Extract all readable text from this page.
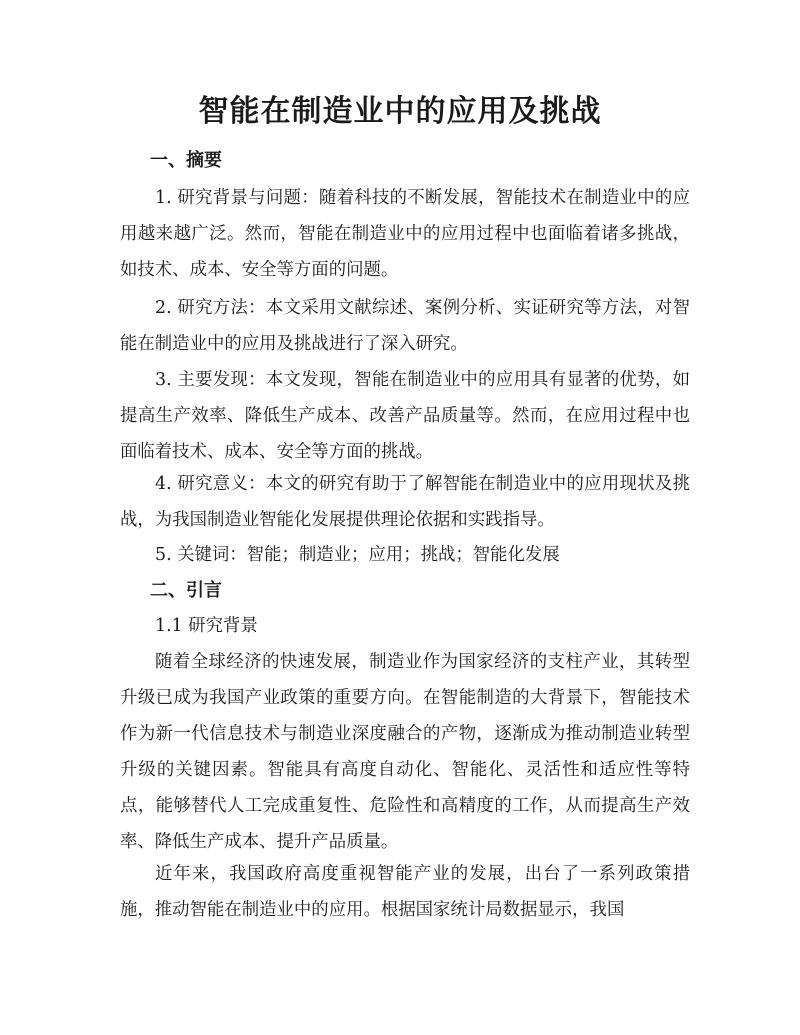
智能在制造业中的应用及挑战
一、摘要
1. 研究背景与问题：随着科技的不断发展，智能技术在制造业中的应用越来越广泛。然而，智能在制造业中的应用过程中也面临着诸多挑战，如技术、成本、安全等方面的问题。
2. 研究方法：本文采用文献综述、案例分析、实证研究等方法，对智能在制造业中的应用及挑战进行了深入研究。
3. 主要发现：本文发现，智能在制造业中的应用具有显著的优势，如提高生产效率、降低生产成本、改善产品质量等。然而，在应用过程中也面临着技术、成本、安全等方面的挑战。
4. 研究意义：本文的研究有助于了解智能在制造业中的应用现状及挑战，为我国制造业智能化发展提供理论依据和实践指导。
5. 关键词：智能；制造业；应用；挑战；智能化发展
二、引言
1.1 研究背景
随着全球经济的快速发展，制造业作为国家经济的支柱产业，其转型升级已成为我国产业政策的重要方向。在智能制造的大背景下，智能技术作为新一代信息技术与制造业深度融合的产物，逐渐成为推动制造业转型升级的关键因素。智能具有高度自动化、智能化、灵活性和适应性等特点，能够替代人工完成重复性、危险性和高精度的工作，从而提高生产效率、降低生产成本、提升产品质量。
近年来，我国政府高度重视智能产业的发展，出台了一系列政策措施，推动智能在制造业中的应用。根据国家统计局数据显示，我国
